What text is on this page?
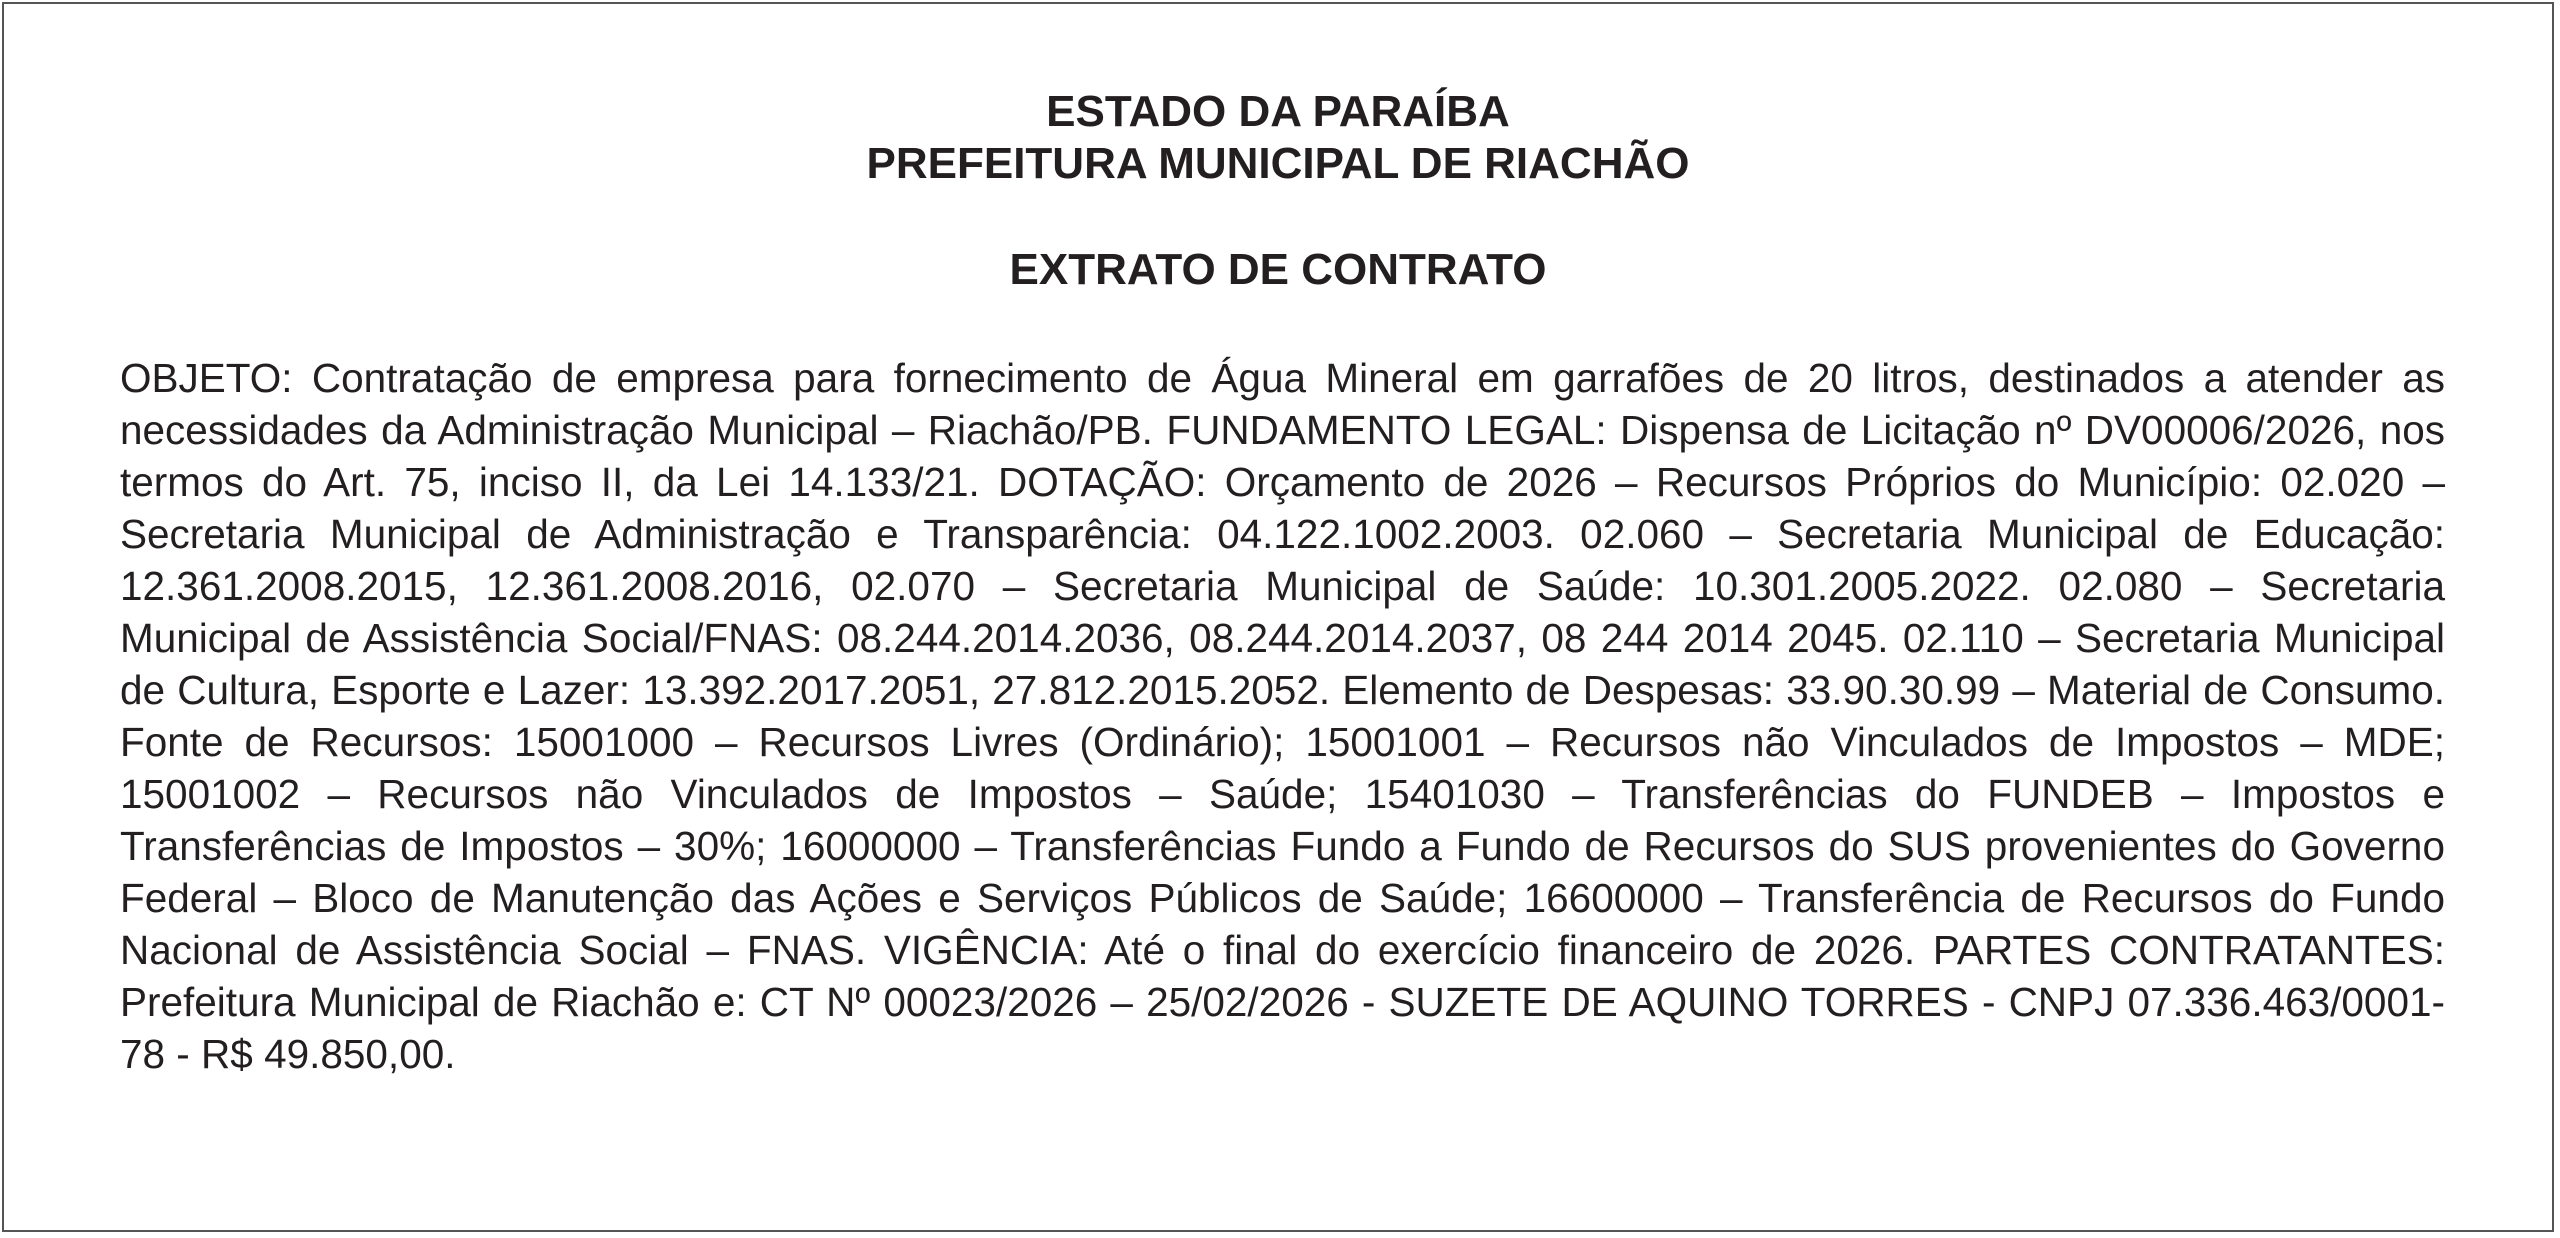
ESTADO DA PARAÍBA
PREFEITURA MUNICIPAL DE RIACHÃO
EXTRATO DE CONTRATO

OBJETO: Contratação de empresa para fornecimento de Água Mineral em garrafões de 20 litros, destinados a atender as necessidades da Administração Municipal – Riachão/PB. FUNDAMENTO LEGAL: Dispensa de Licitação nº DV00006/2026, nos termos do Art. 75, inciso II, da Lei 14.133/21. DOTAÇÃO: Orçamento de 2026 – Recursos Próprios do Município: 02.020 – Secretaria Municipal de Administração e Transparência: 04.122.1002.2003. 02.060 – Secretaria Municipal de Educação: 12.361.2008.2015, 12.361.2008.2016, 02.070 – Secretaria Municipal de Saúde: 10.301.2005.2022. 02.080 – Secretaria Municipal de Assistência Social/FNAS: 08.244.2014.2036, 08.244.2014.2037, 08 244 2014 2045. 02.110 – Secretaria Municipal de Cultura, Esporte e Lazer: 13.392.2017.2051, 27.812.2015.2052. Elemento de Despesas: 33.90.30.99 – Material de Consumo. Fonte de Recursos: 15001000 – Recursos Livres (Ordinário); 15001001 – Recursos não Vinculados de Impostos – MDE; 15001002 – Recursos não Vinculados de Impostos – Saúde; 15401030 – Transferências do FUNDEB – Impostos e Transferências de Impostos – 30%; 16000000 – Transferências Fundo a Fundo de Recursos do SUS provenientes do Governo Federal – Bloco de Manutenção das Ações e Serviços Públicos de Saúde; 16600000 – Transferência de Recursos do Fundo Nacional de Assistência Social – FNAS. VIGÊNCIA: Até o final do exercício financeiro de 2026. PARTES CONTRATANTES: Prefeitura Municipal de Riachão e: CT Nº 00023/2026 – 25/02/2026 - SUZETE DE AQUINO TORRES - CNPJ 07.336.463/0001-78 - R$ 49.850,00.
